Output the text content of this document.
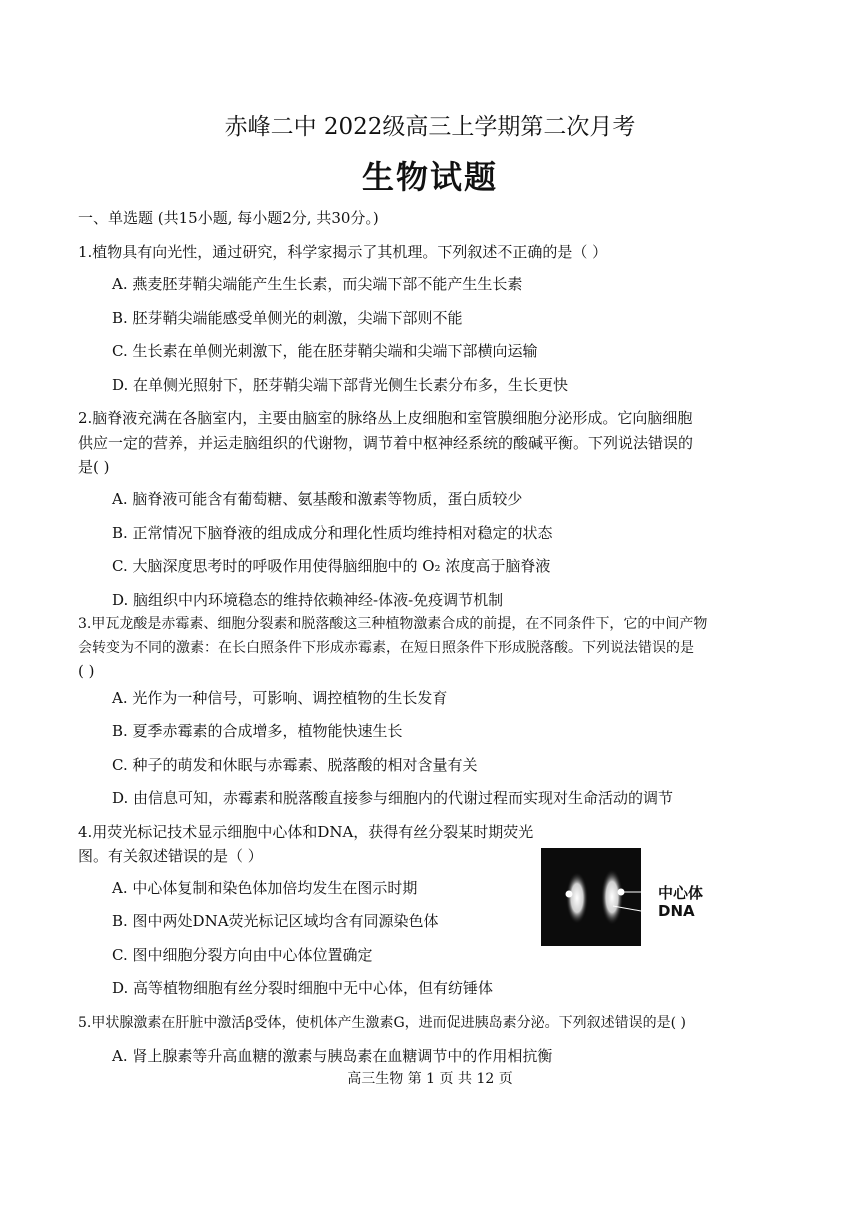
赤峰二中 2022级高三上学期第二次月考
生物试题
一、单选题 (共15小题, 每小题2分, 共30分。)
1.植物具有向光性，通过研究，科学家揭示了其机理。下列叙述不正确的是（ ）
A. 燕麦胚芽鞘尖端能产生生长素，而尖端下部不能产生生长素
B. 胚芽鞘尖端能感受单侧光的刺激，尖端下部则不能
C. 生长素在单侧光刺激下，能在胚芽鞘尖端和尖端下部横向运输
D. 在单侧光照射下，胚芽鞘尖端下部背光侧生长素分布多，生长更快
2.脑脊液充满在各脑室内，主要由脑室的脉络丛上皮细胞和室管膜细胞分泌形成。它向脑细胞
供应一定的营养，并运走脑组织的代谢物，调节着中枢神经系统的酸碱平衡。下列说法错误的
是( )
A. 脑脊液可能含有葡萄糖、氨基酸和激素等物质，蛋白质较少
B. 正常情况下脑脊液的组成成分和理化性质均维持相对稳定的状态
C. 大脑深度思考时的呼吸作用使得脑细胞中的 O₂ 浓度高于脑脊液
D. 脑组织中内环境稳态的维持依赖神经-体液-免疫调节机制
3.甲瓦龙酸是赤霉素、细胞分裂素和脱落酸这三种植物激素合成的前提，在不同条件下，它的中间产物
会转变为不同的激素：在长白照条件下形成赤霉素，在短日照条件下形成脱落酸。下列说法错误的是
( )
A. 光作为一种信号，可影响、调控植物的生长发育
B. 夏季赤霉素的合成增多，植物能快速生长
C. 种子的萌发和休眠与赤霉素、脱落酸的相对含量有关
D. 由信息可知，赤霉素和脱落酸直接参与细胞内的代谢过程而实现对生命活动的调节
4.用荧光标记技术显示细胞中心体和DNA，获得有丝分裂某时期荧光
图。有关叙述错误的是（ ）
A. 中心体复制和染色体加倍均发生在图示时期
B. 图中两处DNA荧光标记区域均含有同源染色体
C. 图中细胞分裂方向由中心体位置确定
D. 高等植物细胞有丝分裂时细胞中无中心体，但有纺锤体
中心体
DNA
5.甲状腺激素在肝脏中激活β受体，使机体产生激素G，进而促进胰岛素分泌。下列叙述错误的是( )
A. 肾上腺素等升高血糖的激素与胰岛素在血糖调节中的作用相抗衡
高三生物 第 1 页 共 12 页
